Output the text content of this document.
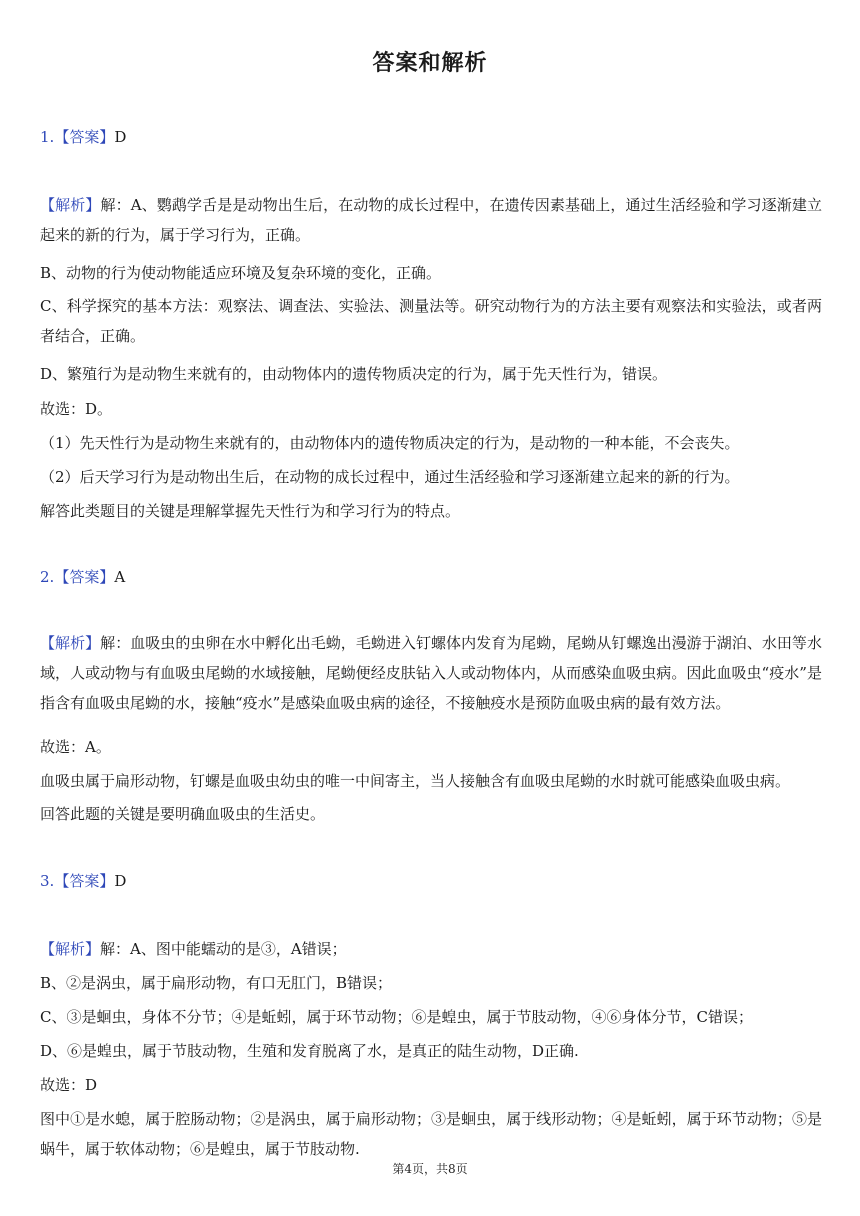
答案和解析
1.【答案】D

【解析】解：A、鹦鹉学舌是是动物出生后，在动物的成长过程中，在遗传因素基础上，通过生活经验和学习逐渐建立起来的新的行为，属于学习行为，正确。

B、动物的行为使动物能适应环境及复杂环境的变化，正确。

C、科学探究的基本方法：观察法、调查法、实验法、测量法等。研究动物行为的方法主要有观察法和实验法，或者两者结合，正确。

D、繁殖行为是动物生来就有的，由动物体内的遗传物质决定的行为，属于先天性行为，错误。

故选：D。

（1）先天性行为是动物生来就有的，由动物体内的遗传物质决定的行为，是动物的一种本能，不会丧失。

（2）后天学习行为是动物出生后，在动物的成长过程中，通过生活经验和学习逐渐建立起来的新的行为。

解答此类题目的关键是理解掌握先天性行为和学习行为的特点。

2.【答案】A

【解析】解：血吸虫的虫卵在水中孵化出毛蚴，毛蚴进入钉螺体内发育为尾蚴，尾蚴从钉螺逸出漫游于湖泊、水田等水域，人或动物与有血吸虫尾蚴的水域接触，尾蚴便经皮肤钻入人或动物体内，从而感染血吸虫病。因此血吸虫“疫水”是指含有血吸虫尾蚴的水，接触“疫水”是感染血吸虫病的途径，不接触疫水是预防血吸虫病的最有效方法。

故选：A。

血吸虫属于扁形动物，钉螺是血吸虫幼虫的唯一中间寄主，当人接触含有血吸虫尾蚴的水时就可能感染血吸虫病。

回答此题的关键是要明确血吸虫的生活史。

3.【答案】D

【解析】解：A、图中能蠕动的是③，A错误；

B、②是涡虫，属于扁形动物，有口无肛门，B错误；

C、③是蛔虫，身体不分节；④是蚯蚓，属于环节动物；⑥是蝗虫，属于节肢动物，④⑥身体分节，C错误；

D、⑥是蝗虫，属于节肢动物，生殖和发育脱离了水，是真正的陆生动物，D正确.

故选：D

图中①是水螅，属于腔肠动物；②是涡虫，属于扁形动物；③是蛔虫，属于线形动物；④是蚯蚓，属于环节动物；⑤是蜗牛，属于软体动物；⑥是蝗虫，属于节肢动物.

第4页，共8页
